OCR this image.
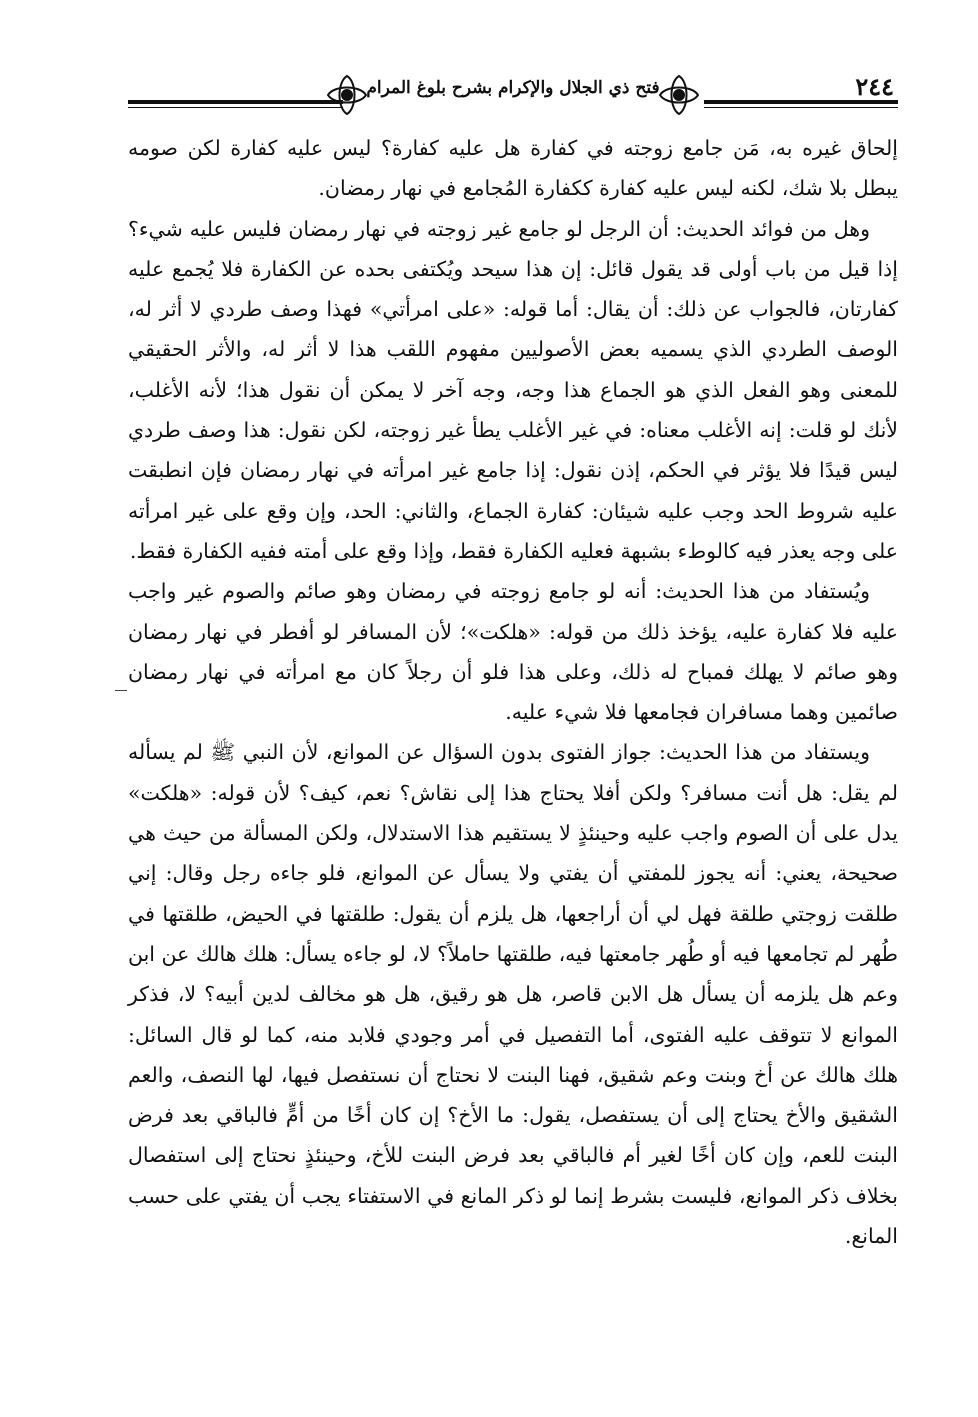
فتح ذي الجلال والإكرام بشرح بلوغ المرام	٢٤٤

إلحاق غيره به، مَن جامع زوجته في كفارة هل عليه كفارة؟ ليس عليه كفارة لكن صومه يبطل بلا شك، لكنه ليس عليه كفارة ككفارة المُجامع في نهار رمضان.

وهل من فوائد الحديث: أن الرجل لو جامع غير زوجته في نهار رمضان فليس عليه شيء؟ إذا قيل من باب أولى قد يقول قائل: إن هذا سيحد ويُكتفى بحده عن الكفارة فلا يُجمع عليه كفارتان، فالجواب عن ذلك: أن يقال: أما قوله: «على امرأتي» فهذا وصف طردي لا أثر له، الوصف الطردي الذي يسميه بعض الأصوليين مفهوم اللقب هذا لا أثر له، والأثر الحقيقي للمعنى وهو الفعل الذي هو الجماع هذا وجه، وجه آخر لا يمكن أن نقول هذا؛ لأنه الأغلب، لأنك لو قلت: إنه الأغلب معناه: في غير الأغلب يطأ غير زوجته، لكن نقول: هذا وصف طردي ليس قيدًا فلا يؤثر في الحكم، إذن نقول: إذا جامع غير امرأته في نهار رمضان فإن انطبقت عليه شروط الحد وجب عليه شيئان: كفارة الجماع، والثاني: الحد، وإن وقع على غير امرأته على وجه يعذر فيه كالوطء بشبهة فعليه الكفارة فقط، وإذا وقع على أمته ففيه الكفارة فقط.

ويُستفاد من هذا الحديث: أنه لو جامع زوجته في رمضان وهو صائم والصوم غير واجب عليه فلا كفارة عليه، يؤخذ ذلك من قوله: «هلكت»؛ لأن المسافر لو أفطر في نهار رمضان وهو صائم لا يهلك فمباح له ذلك، وعلى هذا فلو أن رجلاً كان مع امرأته في نهار رمضان صائمين وهما مسافران فجامعها فلا شيء عليه.

ويستفاد من هذا الحديث: جواز الفتوى بدون السؤال عن الموانع، لأن النبي ﷺ لم يسأله لم يقل: هل أنت مسافر؟ ولكن أفلا يحتاج هذا إلى نقاش؟ نعم، كيف؟ لأن قوله: «هلكت» يدل على أن الصوم واجب عليه وحينئذٍ لا يستقيم هذا الاستدلال، ولكن المسألة من حيث هي صحيحة، يعني: أنه يجوز للمفتي أن يفتي ولا يسأل عن الموانع، فلو جاءه رجل وقال: إني طلقت زوجتي طلقة فهل لي أن أراجعها، هل يلزم أن يقول: طلقتها في الحيض، طلقتها في طُهر لم تجامعها فيه أو طُهر جامعتها فيه، طلقتها حاملاً؟ لا، لو جاءه يسأل: هلك هالك عن ابن وعم هل يلزمه أن يسأل هل الابن قاصر، هل هو رقيق، هل هو مخالف لدين أبيه؟ لا، فذكر الموانع لا تتوقف عليه الفتوى، أما التفصيل في أمر وجودي فلابد منه، كما لو قال السائل: هلك هالك عن أخ وبنت وعم شقيق، فهنا البنت لا نحتاج أن نستفصل فيها، لها النصف، والعم الشقيق والأخ يحتاج إلى أن يستفصل، يقول: ما الأخ؟ إن كان أخًا من أمٍّ فالباقي بعد فرض البنت للعم، وإن كان أخًا لغير أم فالباقي بعد فرض البنت للأخ، وحينئذٍ نحتاج إلى استفصال بخلاف ذكر الموانع، فليست بشرط إنما لو ذكر المانع في الاستفتاء يجب أن يفتي على حسب المانع.
